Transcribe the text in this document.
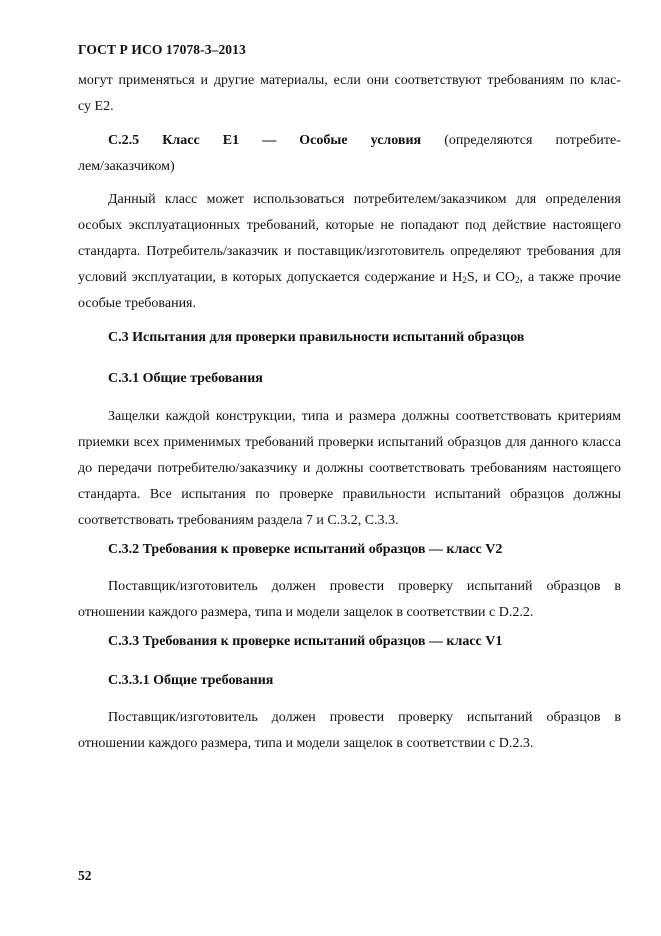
ГОСТ Р ИСО 17078-3–2013

могут применяться и другие материалы, если они соответствуют требованиям по клас-

су E2.

С.2.5 Класс E1 — Особые условия (определяются потребите-
лем/заказчиком)

Данный класс может использоваться потребителем/заказчиком для определения особых эксплуатационных требований, которые не попадают под действие настоящего стандарта. Потребитель/заказчик и поставщик/изготовитель определяют требования для условий эксплуатации, в которых допускается содержание и $H_2S$, и $CO_2$, а также прочие особые требования.

С.3 Испытания для проверки правильности испытаний образцов
С.3.1 Общие требования

Защелки каждой конструкции, типа и размера должны соответствовать критериям приемки всех применимых требований проверки испытаний образцов для данного класса до передачи потребителю/заказчику и должны соответствовать требованиям настоящего стандарта. Все испытания по проверке правильности испытаний образцов должны соответствовать требованиям раздела 7 и С.3.2, С.3.3.

С.3.2 Требования к проверке испытаний образцов — класс V2

Поставщик/изготовитель должен провести проверку испытаний образцов в отношении каждого размера, типа и модели защелок в соответствии с D.2.2.

С.3.3 Требования к проверке испытаний образцов — класс V1
С.3.3.1 Общие требования

Поставщик/изготовитель должен провести проверку испытаний образцов в отношении каждого размера, типа и модели защелок в соответствии с D.2.3.

52
